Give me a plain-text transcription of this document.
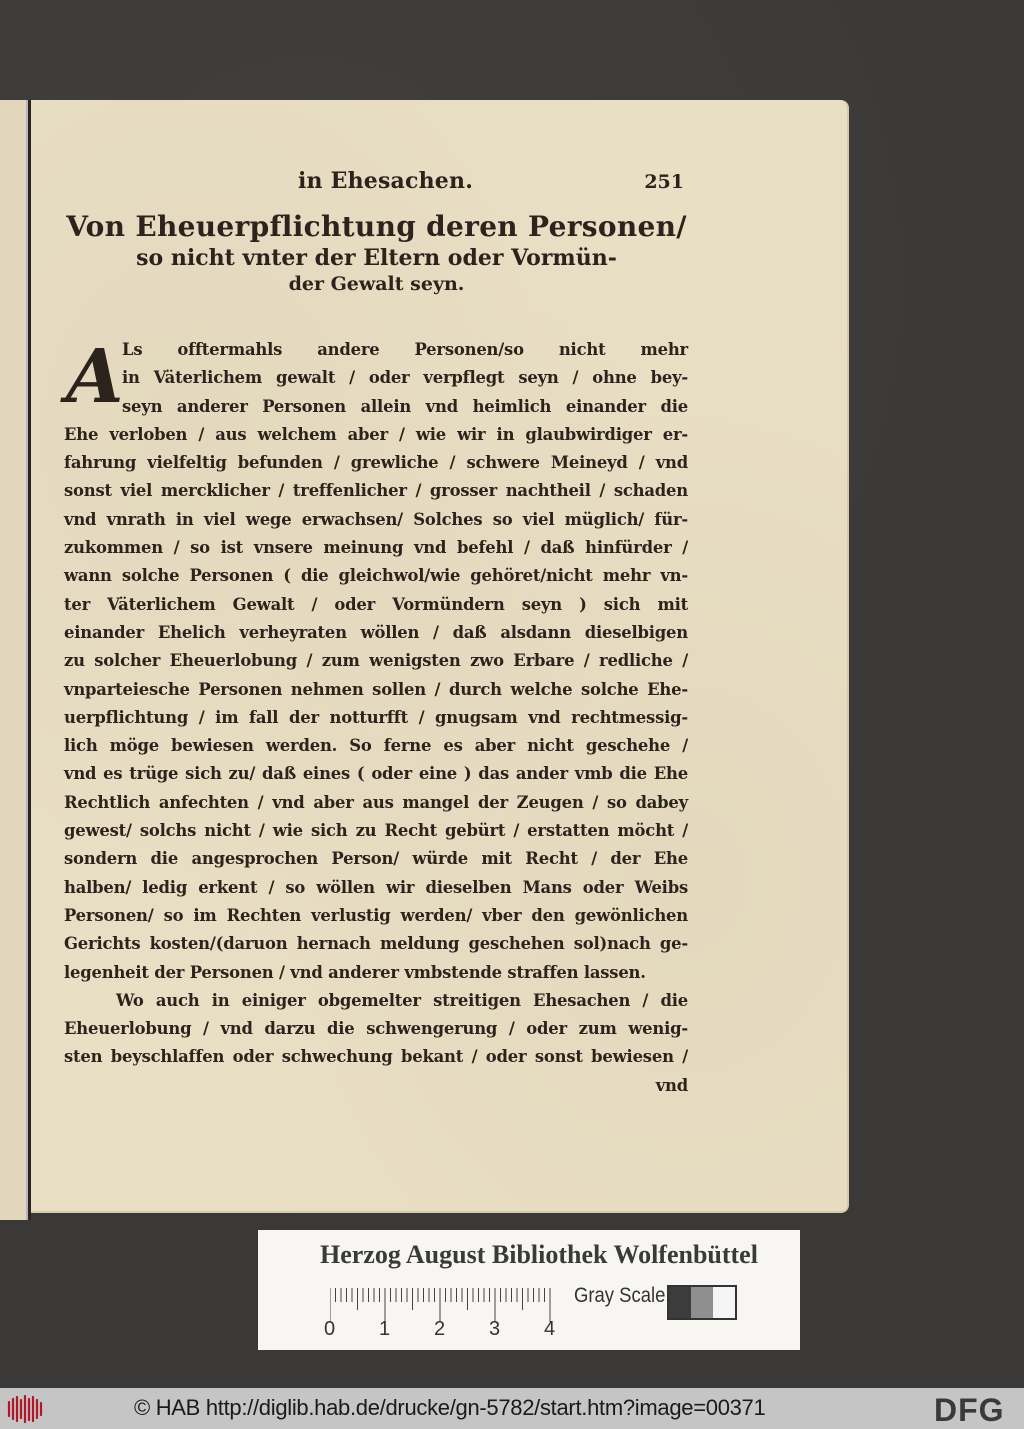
in Ehesachen.	251
Von Eheuerpflichtung deren Personen/
so nicht vnter der Eltern oder Vormün-
der Gewalt seyn.
A
Ls offtermahls andere Personen/so nicht mehr
in Väterlichem gewalt / oder verpflegt seyn / ohne bey-
seyn anderer Personen allein vnd heimlich einander die
Ehe verloben / aus welchem aber / wie wir in glaubwirdiger er-
fahrung vielfeltig befunden / grewliche / schwere Meineyd / vnd
sonst viel mercklicher / treffenlicher / grosser nachtheil / schaden
vnd vnrath in viel wege erwachsen/ Solches so viel müglich/ für-
zukommen / so ist vnsere meinung vnd befehl / daß hinfürder /
wann solche Personen ( die gleichwol/wie gehöret/nicht mehr vn-
ter Väterlichem Gewalt / oder Vormündern seyn ) sich mit
einander Ehelich verheyraten wöllen / daß alsdann dieselbigen
zu solcher Eheuerlobung / zum wenigsten zwo Erbare / redliche /
vnparteiesche Personen nehmen sollen / durch welche solche Ehe-
uerpflichtung / im fall der notturfft / gnugsam vnd rechtmessig-
lich möge bewiesen werden. So ferne es aber nicht geschehe /
vnd es trüge sich zu/ daß eines ( oder eine ) das ander vmb die Ehe
Rechtlich anfechten / vnd aber aus mangel der Zeugen / so dabey
gewest/ solchs nicht / wie sich zu Recht gebürt / erstatten möcht /
sondern die angesprochen Person/ würde mit Recht / der Ehe
halben/ ledig erkent / so wöllen wir dieselben Mans oder Weibs
Personen/ so im Rechten verlustig werden/ vber den gewönlichen
Gerichts kosten/(daruon hernach meldung geschehen sol)nach ge-
legenheit der Personen / vnd anderer vmbstende straffen lassen.
Wo auch in einiger obgemelter streitigen Ehesachen / die
Eheuerlobung / vnd darzu die schwengerung / oder zum wenig-
sten beyschlaffen oder schwechung bekant / oder sonst bewiesen /
vnd
Herzog August Bibliothek Wolfenbüttel
0 1 2 3 4
Gray Scale
© HAB http://diglib.hab.de/drucke/gn-5782/start.htm?image=00371	DFG
